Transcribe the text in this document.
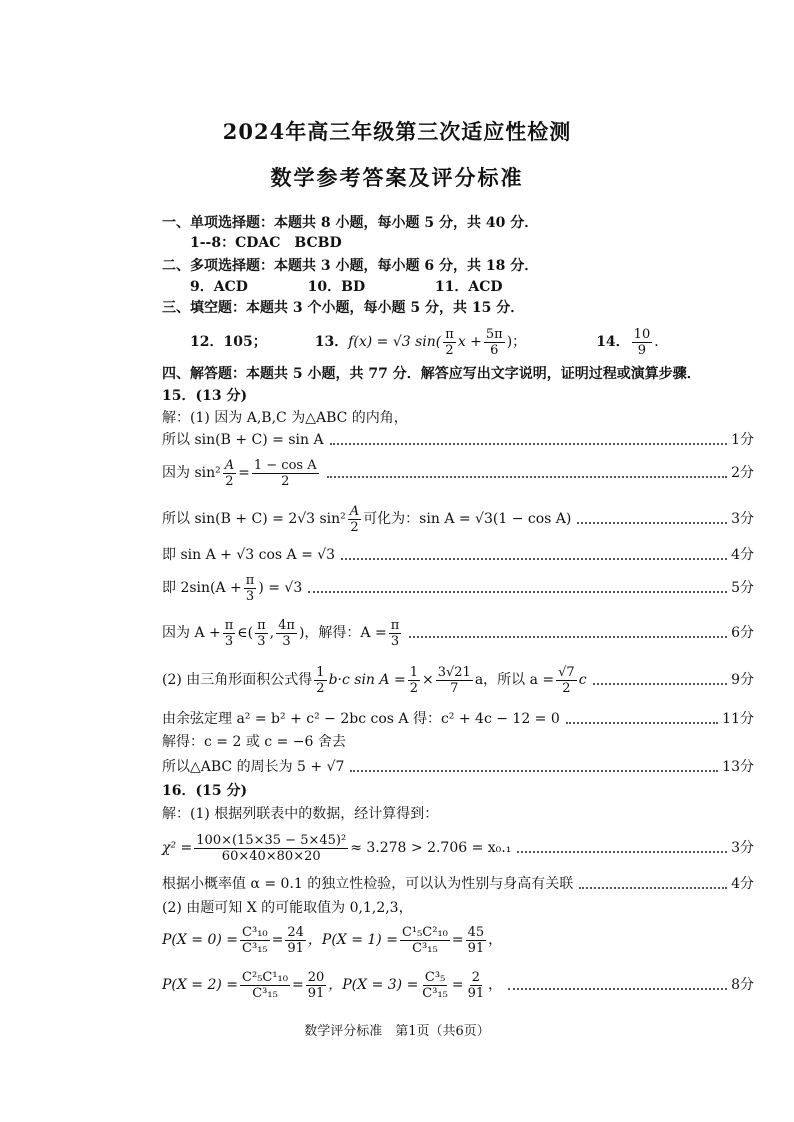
2024年高三年级第三次适应性检测
数学参考答案及评分标准
一、单项选择题：本题共 8 小题，每小题 5 分，共 40 分．
1--8：CDAC　BCBD
二、多项选择题：本题共 3 小题，每小题 6 分，共 18 分．
9．ACD	10．BD	11．ACD
三、填空题：本题共 3 个小题，每小题 5 分，共 15 分．
12．105；	13． f(x) = √3 $\sin( \frac{\pi}{2}$ $x + \frac{5\pi}{6}$ )；	14． $\frac{10}{9}$ ．
四、解答题：本题共 5 小题，共 77 分．解答应写出文字说明，证明过程或演算步骤．
15．(13 分)
解：(1) 因为 A,B,C 为△ABC 的内角，
所以 sin(B + C) = sin A	1分
因为 $\sin^2 \frac{A}{2} = \frac{\text{1 − cos A}}{2}$	2分
所以 sin(B + C) = 2√3 $\sin^2 \frac{A}{2}$ 可化为：sin A = √3(1 − cos A)	3分
即 sin A + √3 cos A = √3	4分
即 $2\sin(A + \frac{\pi}{3}$ ) = √3	5分
因为 $A + \frac{\pi}{3}$ ∈( $\frac{\pi}{3}$ , $\frac{4\pi}{3}$ )，解得：$A = \frac{\pi}{3}$	6分
(2) 由三角形面积公式得 $\frac{1}{2} b\cdot c$ $\sin A = \frac{1}{2} \times \frac{3√21}{7}$ a，所以 $a = \frac{√7}{2}$ c	9分
由余弦定理 a² = b² + c² − 2bc cos A 得：c² + 4c − 12 = 0	11分
解得：c = 2 或 c = −6 舍去
所以△ABC 的周长为 5 + √7	13分
16．(15 分)
解：(1) 根据列联表中的数据，经计算得到：
$\chi^2 = \frac{\text{100×(15×35 − 5×45)²}}{60\times 40\times 80\times 20} \approx 3.278 > 2.706 = x_0._1$	3分
根据小概率值 α = 0.1 的独立性检验，可以认为性别与身高有关联	4分
(2) 由题可知 X 的可能取值为 0,1,2,3，
$P(X = 0) = \frac{\text{C³₁₀}}{\text{C³₁₅}} = \frac{24}{91}$ ，$P(X = 1) = \frac{\text{C¹₅C²₁₀}}{\text{C³₁₅}} = \frac{45}{91}$ ，
$P(X = 2) = \frac{\text{C²₅C¹₁₀}}{\text{C³₁₅}} = \frac{20}{91}$ ，$P(X = 3) = \frac{\text{C³₅}}{\text{C³₁₅}} = \frac{2}{91}$ ，	8分
数学评分标准　第1页（共6页）
